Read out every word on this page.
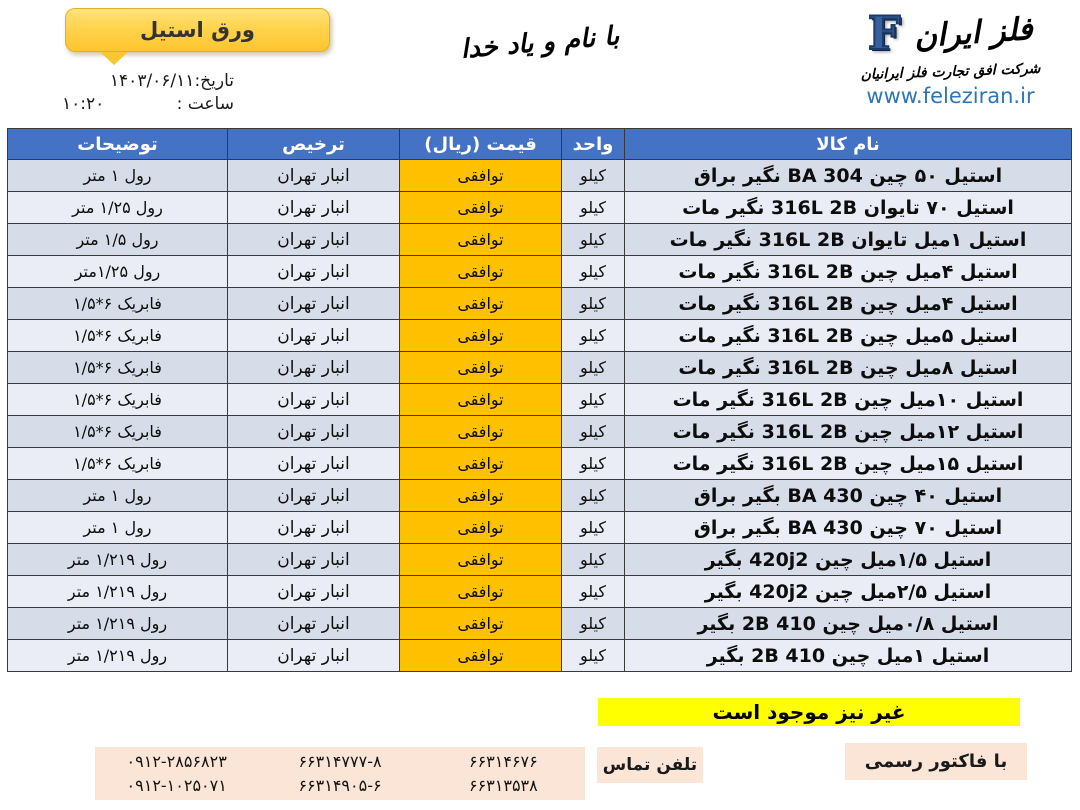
ورق استیل
تاریخ:۱۴۰۳/۰۶/۱۱
ساعت :
۱۰:۲۰
با نام و یاد خدا	فلز ایران
F
شرکت افق تجارت فلز ایرانیان
www.feleziran.ir
نام کالا	واحد	قیمت (ریال)	ترخیص	توضیحات
استیل ۵۰ چین 304 BA نگیر براق	کیلو	توافقی	انبار تهران	رول ۱ متر
استیل ۷۰ تایوان 316L 2B نگیر مات	کیلو	توافقی	انبار تهران	رول ۱/۲۵ متر
استیل ۱میل تایوان 316L 2B نگیر مات	کیلو	توافقی	انبار تهران	رول ۱/۵ متر
استیل ۴میل چین 316L 2B نگیر مات	کیلو	توافقی	انبار تهران	رول ۱/۲۵متر
استیل ۴میل چین 316L 2B نگیر مات	کیلو	توافقی	انبار تهران	فابریک ۶*۱/۵
استیل ۵میل چین 316L 2B نگیر مات	کیلو	توافقی	انبار تهران	فابریک ۶*۱/۵
استیل ۸میل چین 316L 2B نگیر مات	کیلو	توافقی	انبار تهران	فابریک ۶*۱/۵
استیل ۱۰میل چین 316L 2B نگیر مات	کیلو	توافقی	انبار تهران	فابریک ۶*۱/۵
استیل ۱۲میل چین 316L 2B نگیر مات	کیلو	توافقی	انبار تهران	فابریک ۶*۱/۵
استیل ۱۵میل چین 316L 2B نگیر مات	کیلو	توافقی	انبار تهران	فابریک ۶*۱/۵
استیل ۴۰ چین 430 BA بگیر براق	کیلو	توافقی	انبار تهران	رول ۱ متر
استیل ۷۰ چین 430 BA بگیر براق	کیلو	توافقی	انبار تهران	رول ۱ متر
استیل ۱/۵میل چین 420j2 بگیر	کیلو	توافقی	انبار تهران	رول ۱/۲۱۹ متر
استیل ۲/۵میل چین 420j2 بگیر	کیلو	توافقی	انبار تهران	رول ۱/۲۱۹ متر
استیل ۰/۸میل چین 410 2B بگیر	کیلو	توافقی	انبار تهران	رول ۱/۲۱۹ متر
استیل ۱میل چین 410 2B بگیر	کیلو	توافقی	انبار تهران	رول ۱/۲۱۹ متر
غیر نیز موجود است
با فاکتور رسمی
تلفن تماس
۶۶۳۱۴۶۷۶
۶۶۳۱۴۷۷۷-۸
۰۹۱۲-۲۸۵۶۸۲۳
۶۶۳۱۳۵۳۸
۶۶۳۱۴۹۰۵-۶
۰۹۱۲-۱۰۲۵۰۷۱
